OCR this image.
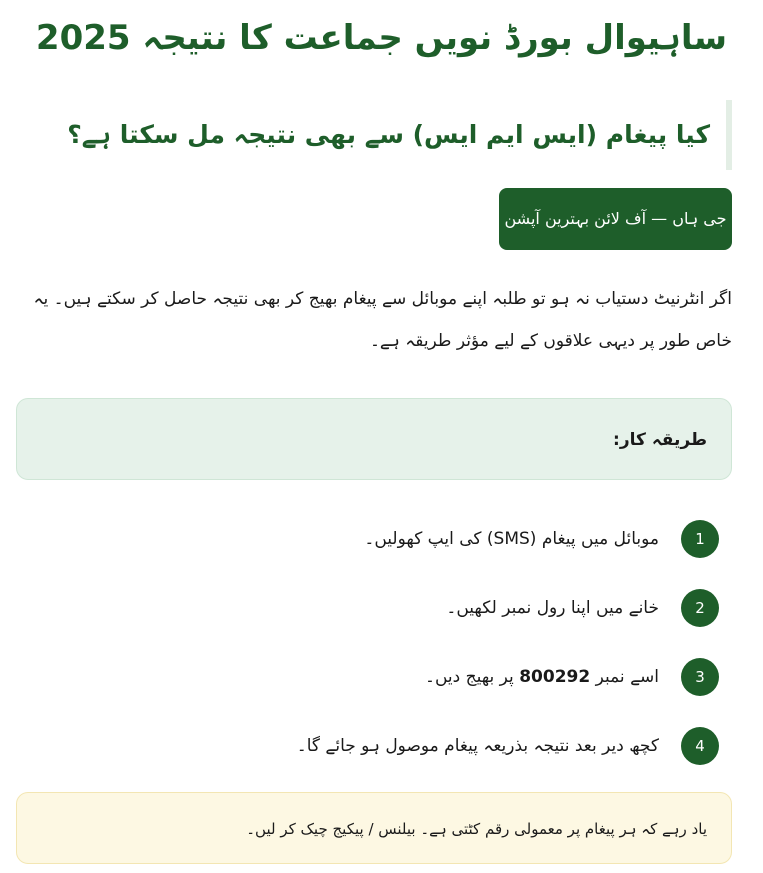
ساہیوال بورڈ نویں جماعت کا نتیجہ 2025
کیا پیغام (ایس ایم ایس) سے بھی نتیجہ مل سکتا ہے؟
جی ہاں — آف لائن بہترین آپشن

اگر انٹرنیٹ دستیاب نہ ہو تو طلبہ اپنے موبائل سے پیغام بھیج کر بھی نتیجہ حاصل کر سکتے ہیں۔ یہ خاص طور پر دیہی علاقوں کے لیے مؤثر طریقہ ہے۔

طریقہ کار:
1
موبائل میں پیغام (SMS) کی ایپ کھولیں۔
2
خانے میں اپنا رول نمبر لکھیں۔
3
اسے نمبر 800292 پر بھیج دیں۔
4
کچھ دیر بعد نتیجہ بذریعہ پیغام موصول ہو جائے گا۔
یاد رہے کہ ہر پیغام پر معمولی رقم کٹتی ہے۔ بیلنس / پیکیج چیک کر لیں۔
